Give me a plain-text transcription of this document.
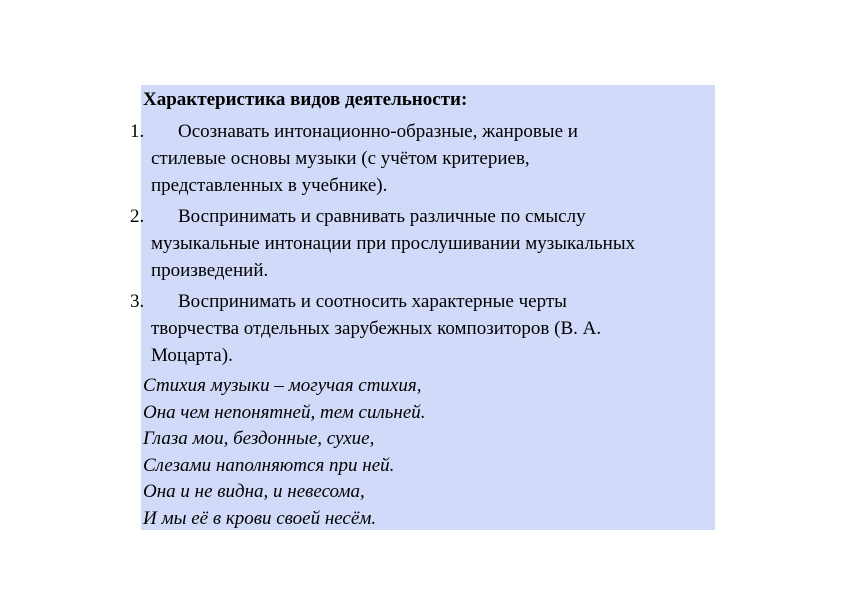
Характеристика видов деятельности:
1.	Осознавать интонационно-образные, жанровые и
стилевые основы музыки (с учётом критериев,
представленных в учебнике).
2.	Воспринимать и сравнивать различные по смыслу
музыкальные интонации при прослушивании музыкальных
произведений.
3.	Воспринимать и соотносить характерные черты
творчества отдельных зарубежных композиторов (В. А.
Моцарта).
Стихия музыки – могучая стихия,
Она чем непонятней, тем сильней.
Глаза мои, бездонные, сухие,
Слезами наполняются при ней.
Она и не видна, и невесома,
И мы её в крови своей несём.
